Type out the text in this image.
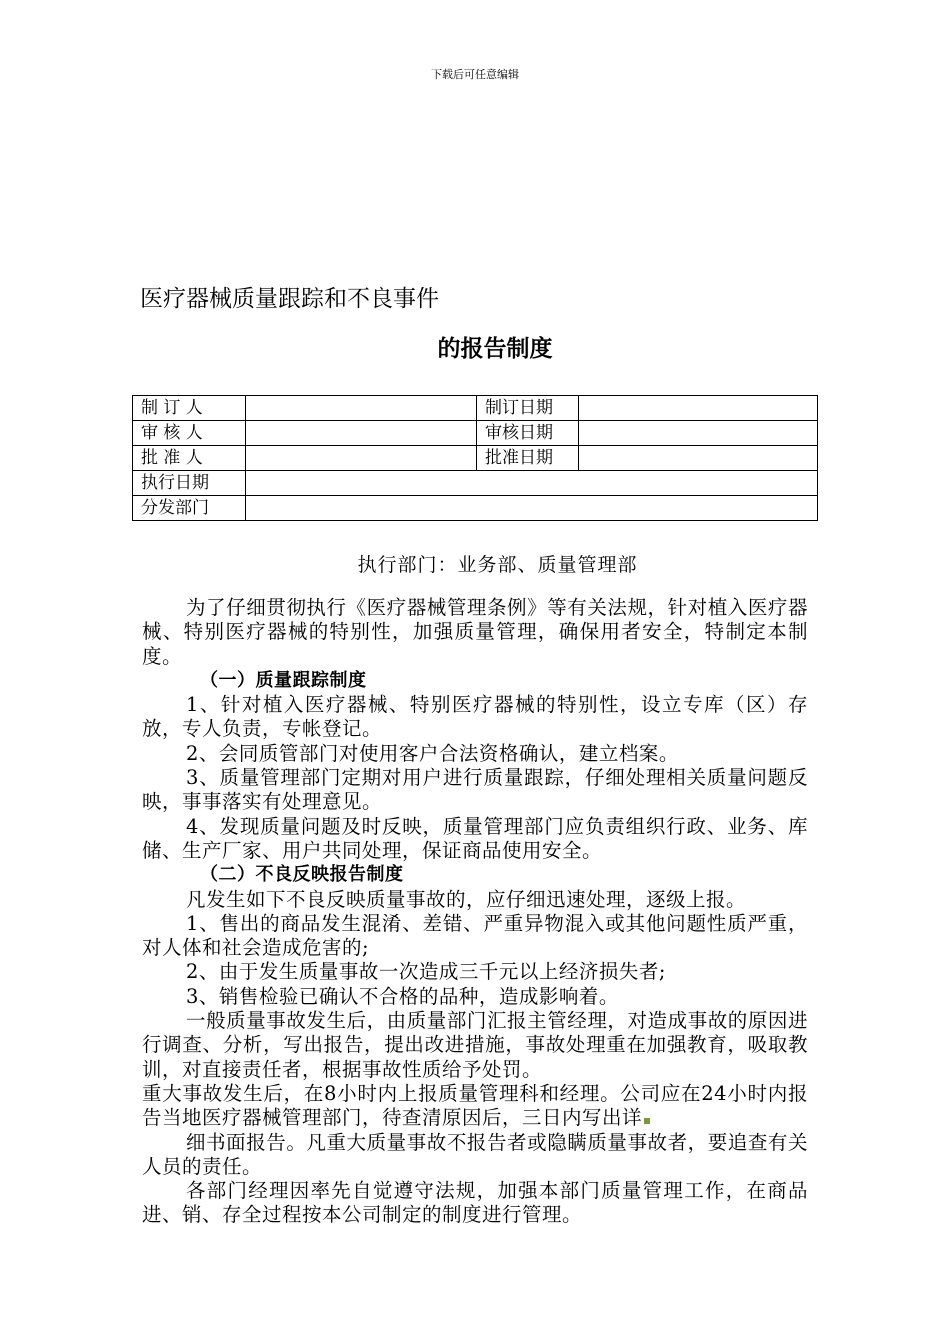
下载后可任意编辑
医疗器械质量跟踪和不良事件
的报告制度
制 订 人		制订日期	
审 核 人		审核日期	
批 准 人		批准日期	
执行日期			
分发部门			
执行部门：业务部、质量管理部

为了仔细贯彻执行《医疗器械管理条例》等有关法规，针对植入医疗器械、特别医疗器械的特别性，加强质量管理，确保用者安全，特制定本制度。

（一）质量跟踪制度

1、针对植入医疗器械、特别医疗器械的特别性，设立专库（区）存放，专人负责，专帐登记。

2、会同质管部门对使用客户合法资格确认，建立档案。

3、质量管理部门定期对用户进行质量跟踪，仔细处理相关质量问题反映，事事落实有处理意见。

4、发现质量问题及时反映，质量管理部门应负责组织行政、业务、库储、生产厂家、用户共同处理，保证商品使用安全。

（二）不良反映报告制度

凡发生如下不良反映质量事故的，应仔细迅速处理，逐级上报。

1、售出的商品发生混淆、差错、严重异物混入或其他问题性质严重，对人体和社会造成危害的;

2、由于发生质量事故一次造成三千元以上经济损失者;

3、销售检验已确认不合格的品种，造成影响着。

一般质量事故发生后，由质量部门汇报主管经理，对造成事故的原因进行调查、分析，写出报告，提出改进措施，事故处理重在加强教育，吸取教训，对直接责任者，根据事故性质给予处罚。

重大事故发生后，在8小时内上报质量管理科和经理。公司应在24小时内报告当地医疗器械管理部门，待查清原因后，三日内写出详

细书面报告。凡重大质量事故不报告者或隐瞒质量事故者，要追查有关人员的责任。

各部门经理因率先自觉遵守法规，加强本部门质量管理工作，在商品进、销、存全过程按本公司制定的制度进行管理。
